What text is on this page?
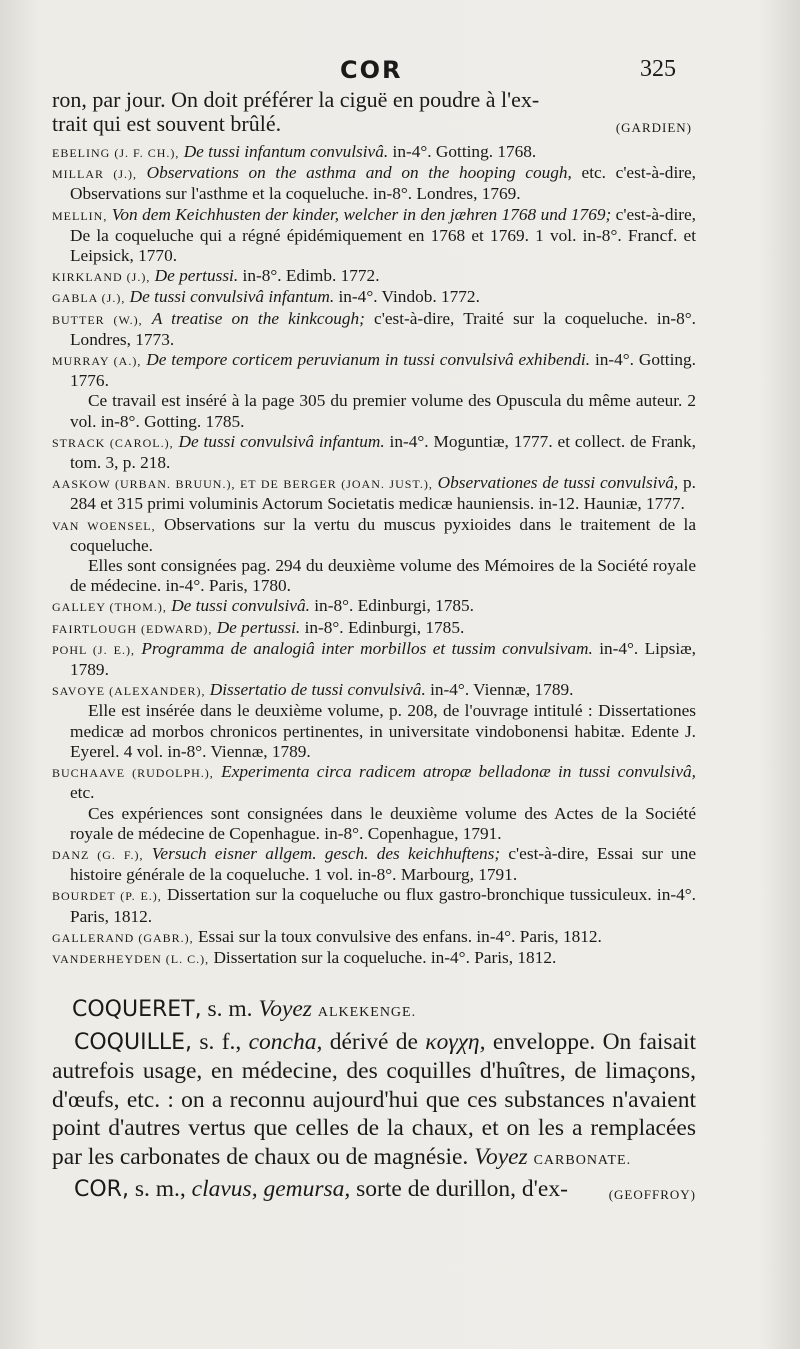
COR	325

ron, par jour. On doit préférer la ciguë en poudre à l'ex-

trait qui est souvent brûlé.	(GARDIEN)

EBELING (J. F. CH.), De tussi infantum convulsivâ. in-4°. Gotting. 1768.

MILLAR (J.), Observations on the asthma and on the hooping cough, etc. c'est-à-dire, Observations sur l'asthme et la coqueluche. in-8°. Londres, 1769.

MELLIN, Von dem Keichhusten der kinder, welcher in den jæhren 1768 und 1769; c'est-à-dire, De la coqueluche qui a régné épidémiquement en 1768 et 1769. 1 vol. in-8°. Francf. et Leipsick, 1770.

KIRKLAND (J.), De pertussi. in-8°. Edimb. 1772.

GABLA (J.), De tussi convulsivâ infantum. in-4°. Vindob. 1772.

BUTTER (W.), A treatise on the kinkcough; c'est-à-dire, Traité sur la coqueluche. in-8°. Londres, 1773.

MURRAY (A.), De tempore corticem peruvianum in tussi convulsivâ exhibendi. in-4°. Gotting. 1776.

Ce travail est inséré à la page 305 du premier volume des Opuscula du même auteur. 2 vol. in-8°. Gotting. 1785.

STRACK (CAROL.), De tussi convulsivâ infantum. in-4°. Moguntiæ, 1777. et collect. de Frank, tom. 3, p. 218.

AASKOW (URBAN. BRUUN.), ET DE BERGER (JOAN. JUST.), Observationes de tussi convulsivâ, p. 284 et 315 primi voluminis Actorum Societatis medicæ hauniensis. in-12. Hauniæ, 1777.

VAN WOENSEL, Observations sur la vertu du muscus pyxioides dans le traitement de la coqueluche.

Elles sont consignées pag. 294 du deuxième volume des Mémoires de la Société royale de médecine. in-4°. Paris, 1780.

GALLEY (THOM.), De tussi convulsivâ. in-8°. Edinburgi, 1785.

FAIRTLOUGH (EDWARD), De pertussi. in-8°. Edinburgi, 1785.

POHL (J. E.), Programma de analogiâ inter morbillos et tussim convulsivam. in-4°. Lipsiæ, 1789.

SAVOYE (ALEXANDER), Dissertatio de tussi convulsivâ. in-4°. Viennæ, 1789.

Elle est insérée dans le deuxième volume, p. 208, de l'ouvrage intitulé : Dissertationes medicæ ad morbos chronicos pertinentes, in universitate vindobonensi habitæ. Edente J. Eyerel. 4 vol. in-8°. Viennæ, 1789.

BUCHAAVE (RUDOLPH.), Experimenta circa radicem atropæ belladonæ in tussi convulsivâ, etc.

Ces expériences sont consignées dans le deuxième volume des Actes de la Société royale de médecine de Copenhague. in-8°. Copenhague, 1791.

DANZ (G. F.), Versuch eisner allgem. gesch. des keichhuftens; c'est-à-dire, Essai sur une histoire générale de la coqueluche. 1 vol. in-8°. Marbourg, 1791.

BOURDET (P. E.), Dissertation sur la coqueluche ou flux gastro-bronchique tussiculeux. in-4°. Paris, 1812.

GALLERAND (GABR.), Essai sur la toux convulsive des enfans. in-4°. Paris, 1812.

VANDERHEYDEN (L. C.), Dissertation sur la coqueluche. in-4°. Paris, 1812.

COQUERET, s. m. Voyez ALKEKENGE.

COQUILLE, s. f., concha, dérivé de κογχη, enveloppe. On faisait autrefois usage, en médecine, des coquilles d'huîtres, de limaçons, d'œufs, etc. : on a reconnu aujourd'hui que ces substances n'avaient point d'autres vertus que celles de la chaux, et on les a remplacées par les carbonates de chaux ou de magnésie. Voyez CARBONATE.
(GEOFFROY)

COR, s. m., clavus, gemursa, sorte de durillon, d'ex-
